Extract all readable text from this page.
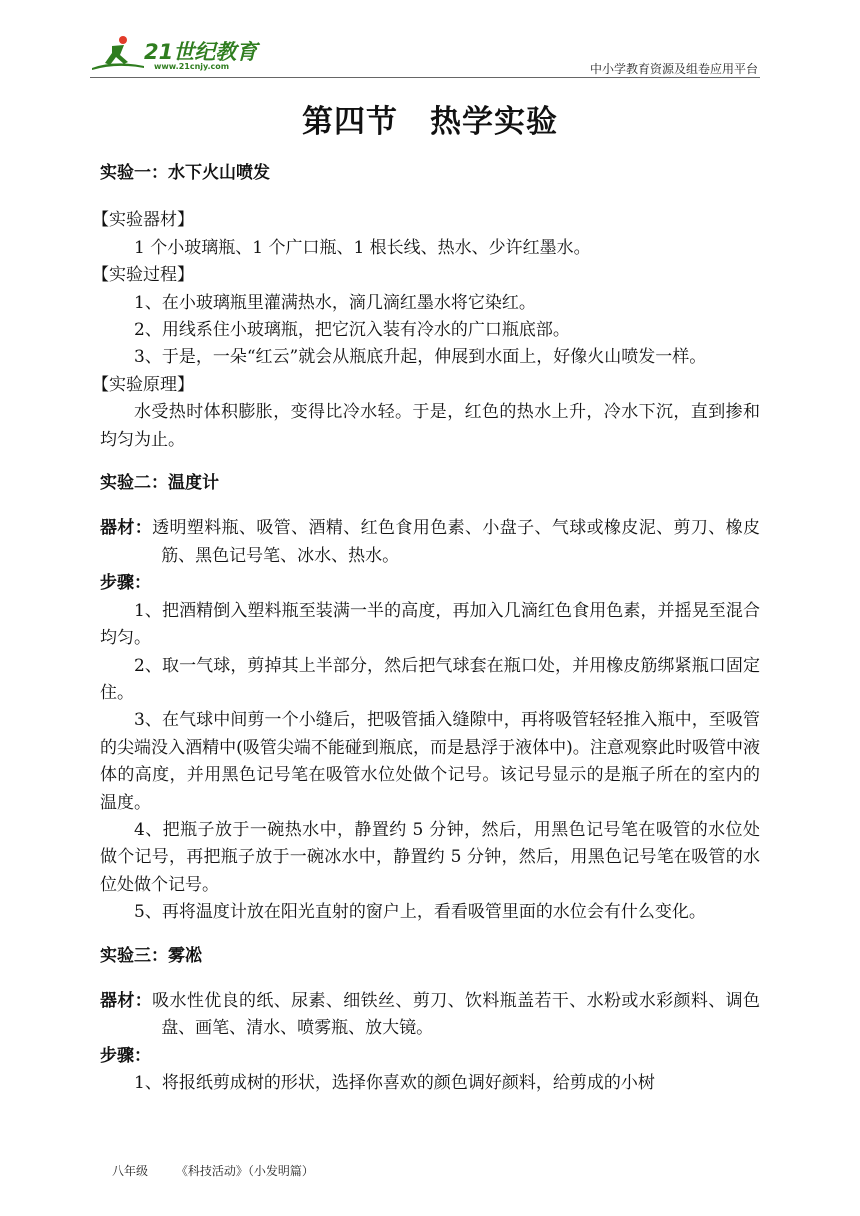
21世纪教育
www.21cnjy.com	中小学教育资源及组卷应用平台
第四节　热学实验

实验一：水下火山喷发

【实验器材】

1 个小玻璃瓶、1 个广口瓶、1 根长线、热水、少许红墨水。

【实验过程】

1、在小玻璃瓶里灌满热水，滴几滴红墨水将它染红。

2、用线系住小玻璃瓶，把它沉入装有冷水的广口瓶底部。

3、于是，一朵“红云”就会从瓶底升起，伸展到水面上，好像火山喷发一样。

【实验原理】

水受热时体积膨胀，变得比冷水轻。于是，红色的热水上升，冷水下沉，直到掺和均匀为止。

实验二：温度计

器材：透明塑料瓶、吸管、酒精、红色食用色素、小盘子、气球或橡皮泥、剪刀、橡皮筋、黑色记号笔、冰水、热水。

步骤：

1、把酒精倒入塑料瓶至装满一半的高度，再加入几滴红色食用色素，并摇晃至混合均匀。

2、取一气球，剪掉其上半部分，然后把气球套在瓶口处，并用橡皮筋绑紧瓶口固定住。

3、在气球中间剪一个小缝后，把吸管插入缝隙中，再将吸管轻轻推入瓶中，至吸管的尖端没入酒精中(吸管尖端不能碰到瓶底，而是悬浮于液体中)。注意观察此时吸管中液体的高度，并用黑色记号笔在吸管水位处做个记号。该记号显示的是瓶子所在的室内的温度。

4、把瓶子放于一碗热水中，静置约 5 分钟，然后，用黑色记号笔在吸管的水位处做个记号，再把瓶子放于一碗冰水中，静置约 5 分钟，然后，用黑色记号笔在吸管的水位处做个记号。

5、再将温度计放在阳光直射的窗户上，看看吸管里面的水位会有什么变化。

实验三：雾凇

器材：吸水性优良的纸、尿素、细铁丝、剪刀、饮料瓶盖若干、水粉或水彩颜料、调色盘、画笔、清水、喷雾瓶、放大镜。

步骤：

1、将报纸剪成树的形状，选择你喜欢的颜色调好颜料，给剪成的小树

八年级 《科技活动》（小发明篇）
